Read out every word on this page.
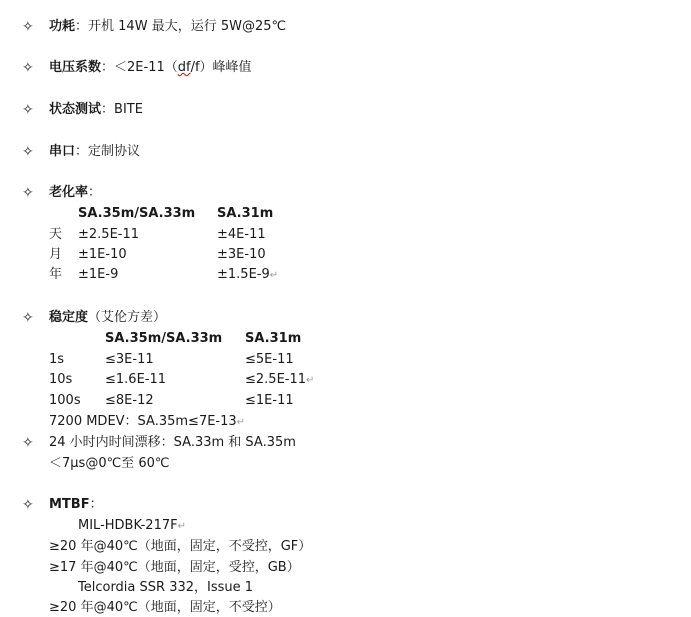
✧ 功耗：开机 14W 最大，运行 5W@25℃
✧ 电压系数：＜2E-11（df/f）峰峰值
✧ 状态测试：BITE
✧ 串口：定制协议
✧ 老化率：
SA.35m/SA.33m SA.31m
天 ±2.5E-11	±4E-11
月 ±1E-10	±3E-10
年 ±1E-9	±1.5E-9↵
✧ 稳定度（艾伦方差）
SA.35m/SA.33m SA.31m
1s	≤3E-11	≤5E-11
10s	≤1.6E-11	≤2.5E-11↵
100s ≤8E-12	≤1E-11
7200 MDEV：SA.35m≤7E-13↵
✧ 24 小时内时间漂移：SA.33m 和 SA.35m
＜7μs@0℃至 60℃
✧ MTBF：
MIL-HDBK-217F↵
≥20 年@40℃（地面，固定，不受控，GF）
≥17 年@40℃（地面，固定，受控，GB）
Telcordia SSR 332，Issue 1
≥20 年@40℃（地面，固定，不受控）
